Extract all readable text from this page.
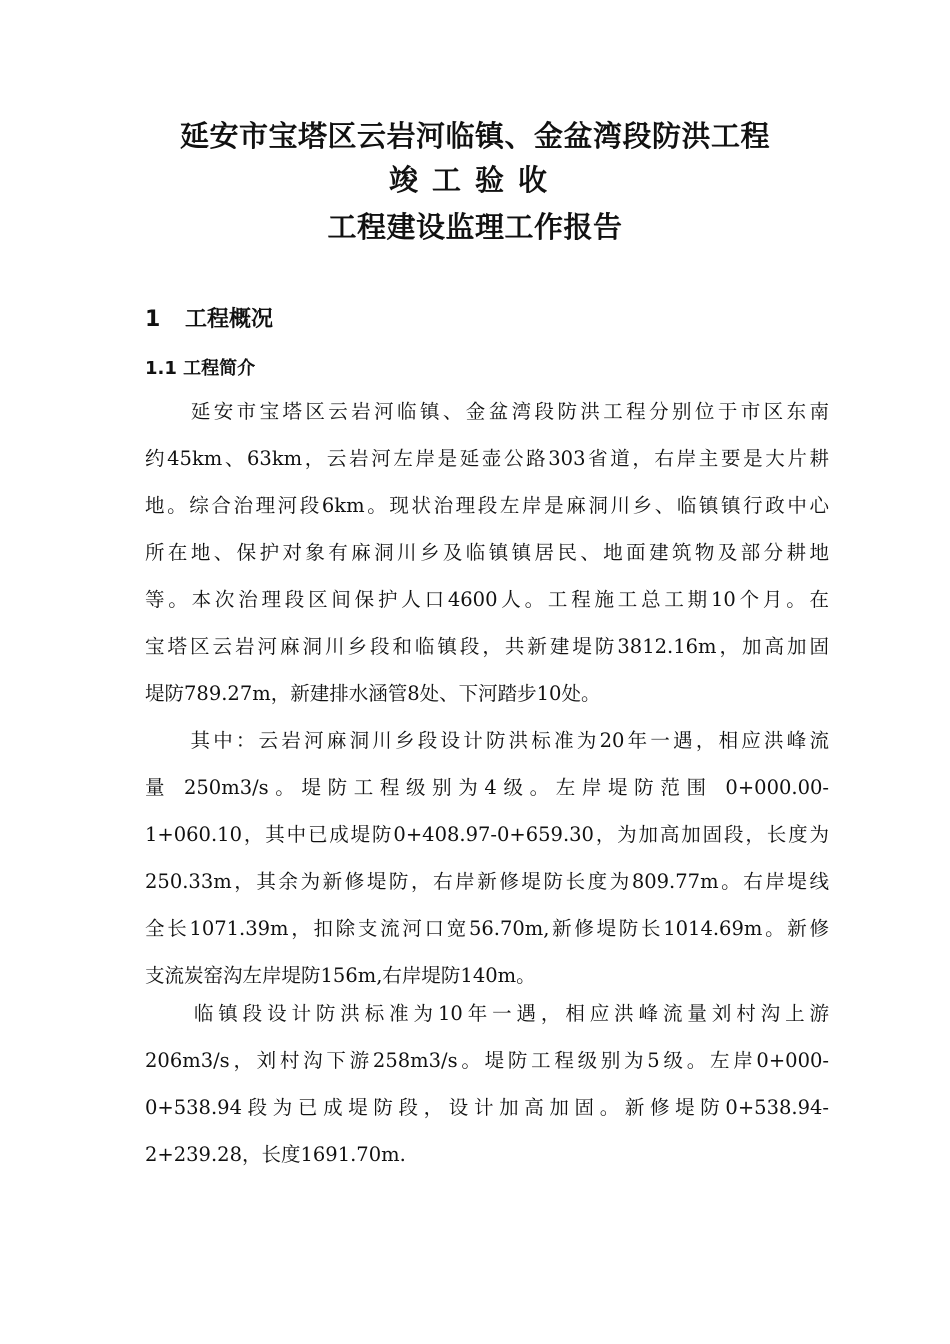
延安市宝塔区云岩河临镇、金盆湾段防洪工程
竣工验收
工程建设监理工作报告
1 工程概况
1.1 工程简介
　　延安市宝塔区云岩河临镇、金盆湾段防洪工程分别位于市区东南
约45km、63km，云岩河左岸是延壶公路303省道，右岸主要是大片耕
地。综合治理河段6km。现状治理段左岸是麻洞川乡、临镇镇行政中心
所在地、保护对象有麻洞川乡及临镇镇居民、地面建筑物及部分耕地
等。本次治理段区间保护人口4600人。工程施工总工期10个月。在
宝塔区云岩河麻洞川乡段和临镇段，共新建堤防3812.16m，加高加固
堤防789.27m，新建排水涵管8处、下河踏步10处。
　　其中：云岩河麻洞川乡段设计防洪标准为20年一遇，相应洪峰流
量 250m3/s。堤防工程级别为4级。左岸堤防范围 0+000.00-
1+060.10，其中已成堤防0+408.97-0+659.30，为加高加固段，长度为
250.33m，其余为新修堤防，右岸新修堤防长度为809.77m。右岸堤线
全长1071.39m，扣除支流河口宽56.70m,新修堤防长1014.69m。新修
支流炭窑沟左岸堤防156m,右岸堤防140m。
　　临镇段设计防洪标准为10年一遇，相应洪峰流量刘村沟上游
206m3/s，刘村沟下游258m3/s。堤防工程级别为5级。左岸0+000-
0+538.94段为已成堤防段，设计加高加固。新修堤防0+538.94-
2+239.28，长度1691.70m.
